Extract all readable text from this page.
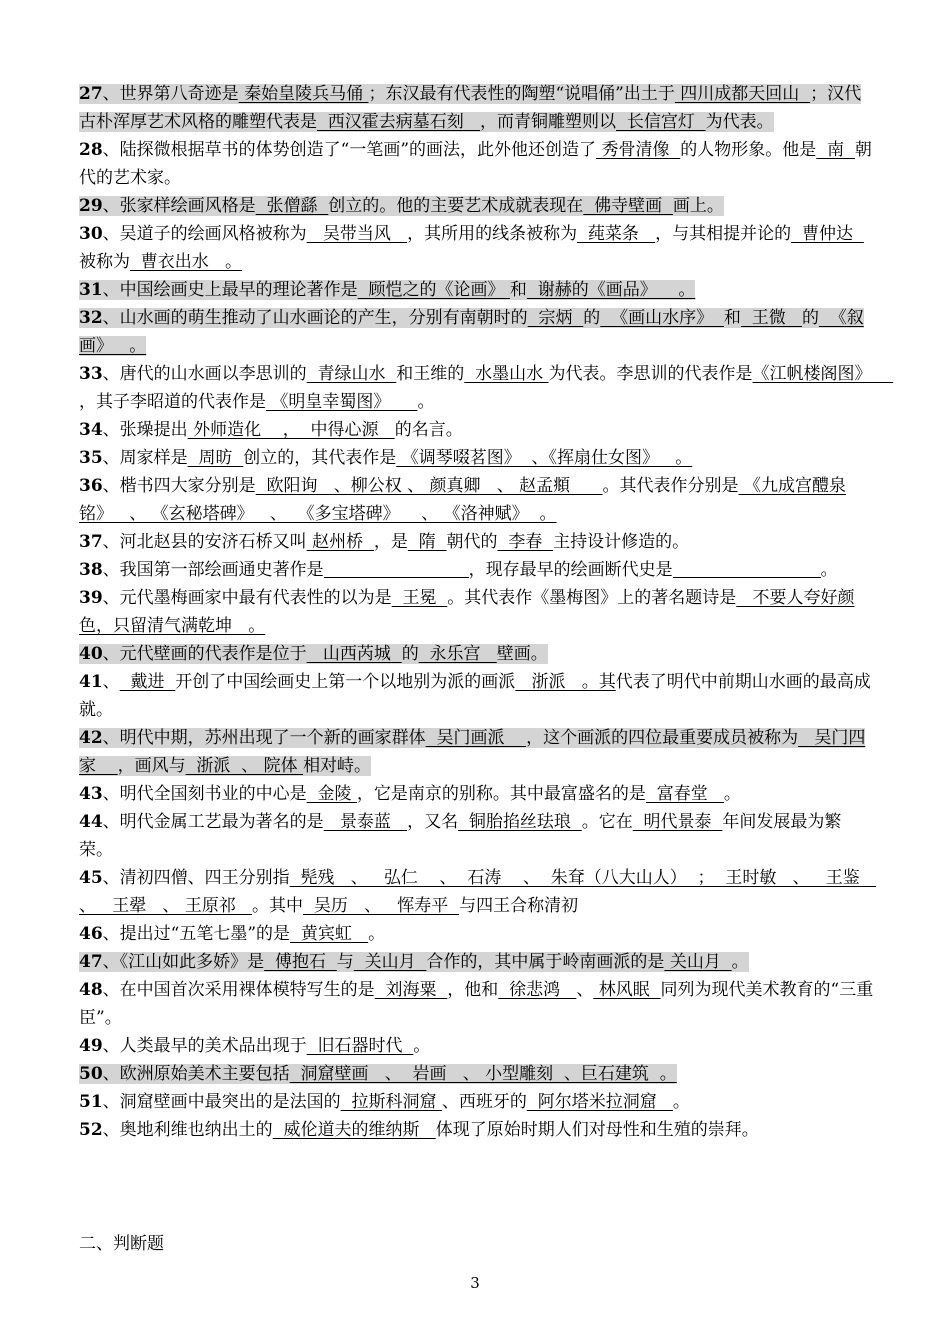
27、世界第八奇迹是 秦始皇陵兵马俑 ；东汉最有代表性的陶塑“说唱俑”出土于 四川成都天回山  ；汉代古朴浑厚艺术风格的雕塑代表是  西汉霍去病墓石刻   ，而青铜雕塑则以  长信宫灯  为代表。

28、陆探微根据草书的体势创造了“一笔画”的画法，此外他还创造了 秀骨清像  的人物形象。他是  南  朝代的艺术家。

29、张家样绘画风格是  张僧繇  创立的。他的主要艺术成就表现在  佛寺壁画  画上。

30、吴道子的绘画风格被称为   吴带当风   ，其所用的线条被称为  莼菜条   ，与其相提并论的  曹仲达  被称为  曹衣出水   。

31、中国绘画史上最早的理论著作是  顾恺之的《论画》 和  谢赫的《画品》    。

32、山水画的萌生推动了山水画论的产生，分别有南朝时的  宗炳  的  《画山水序》  和  王微   的  《叙画》   。

33、唐代的山水画以李思训的  青绿山水  和王维的  水墨山水 为代表。李思训的代表作是《江帆楼阁图》    ，其子李昭道的代表作是 《明皇幸蜀图》     。

34、张璪提出 外师造化    ，  中得心源   的名言。

35、周家样是  周昉  创立的，其代表作是 《调琴啜茗图》  、《挥扇仕女图》   。

36、楷书四大家分别是  欧阳询   、柳公权 、 颜真卿   、 赵孟頫      。其代表作分别是 《九成宫醴泉铭》   、 《玄秘塔碑》   、  《多宝塔碑》    、 《洛神赋》  。

37、河北赵县的安济石桥又叫 赵州桥  ，是  隋  朝代的  李春  主持设计修造的。

38、我国第一部绘画通史著作是	，现存最早的绘画断代史是	。

39、元代墨梅画家中最有代表性的以为是  王冕  。其代表作《墨梅图》上的著名题诗是   不要人夸好颜色，只留清气满乾坤   。

40、元代壁画的代表作是位于   山西芮城  的  永乐宫   壁画。

41、  戴进  开创了中国绘画史上第一个以地别为派的画派   浙派   。其代表了明代中前期山水画的最高成就。

42、明代中期，苏州出现了一个新的画家群体  吴门画派    ，这个画派的四位最重要成员被称为   吴门四家    ，画风与  浙派  、 院体 相对峙。

43、明代全国刻书业的中心是  金陵 ，它是南京的别称。其中最富盛名的是  富春堂   。

44、明代金属工艺最为著名的是   景泰蓝   ，又名  铜胎掐丝珐琅  。它在  明代景泰  年间发展最为繁荣。

45、清初四僧、四王分别指  髡残   、   弘仁    、  石涛    、  朱耷（八大山人）  ；  王时敏   、   王鉴   、   王翚   、 王原祁   。其中  吴历   、   恽寿平  与四王合称清初

46、提出过“五笔七墨”的是  黄宾虹   。

47、《江山如此多娇》是  傅抱石  与  关山月  合作的，其中属于岭南画派的是 关山月  。

48、在中国首次采用裸体模特写生的是  刘海粟  ，他和  徐悲鸿   、 林风眠  同列为现代美术教育的“三重臣”。

49、人类最早的美术品出现于  旧石器时代  。

50、欧洲原始美术主要包括  洞窟壁画   、  岩画   、 小型雕刻  、巨石建筑  。

51、洞窟壁画中最突出的是法国的  拉斯科洞窟 、西班牙的  阿尔塔米拉洞窟   。

52、奥地利维也纳出土的  威伦道夫的维纳斯   体现了原始时期人们对母性和生殖的崇拜。

二、判断题
3
